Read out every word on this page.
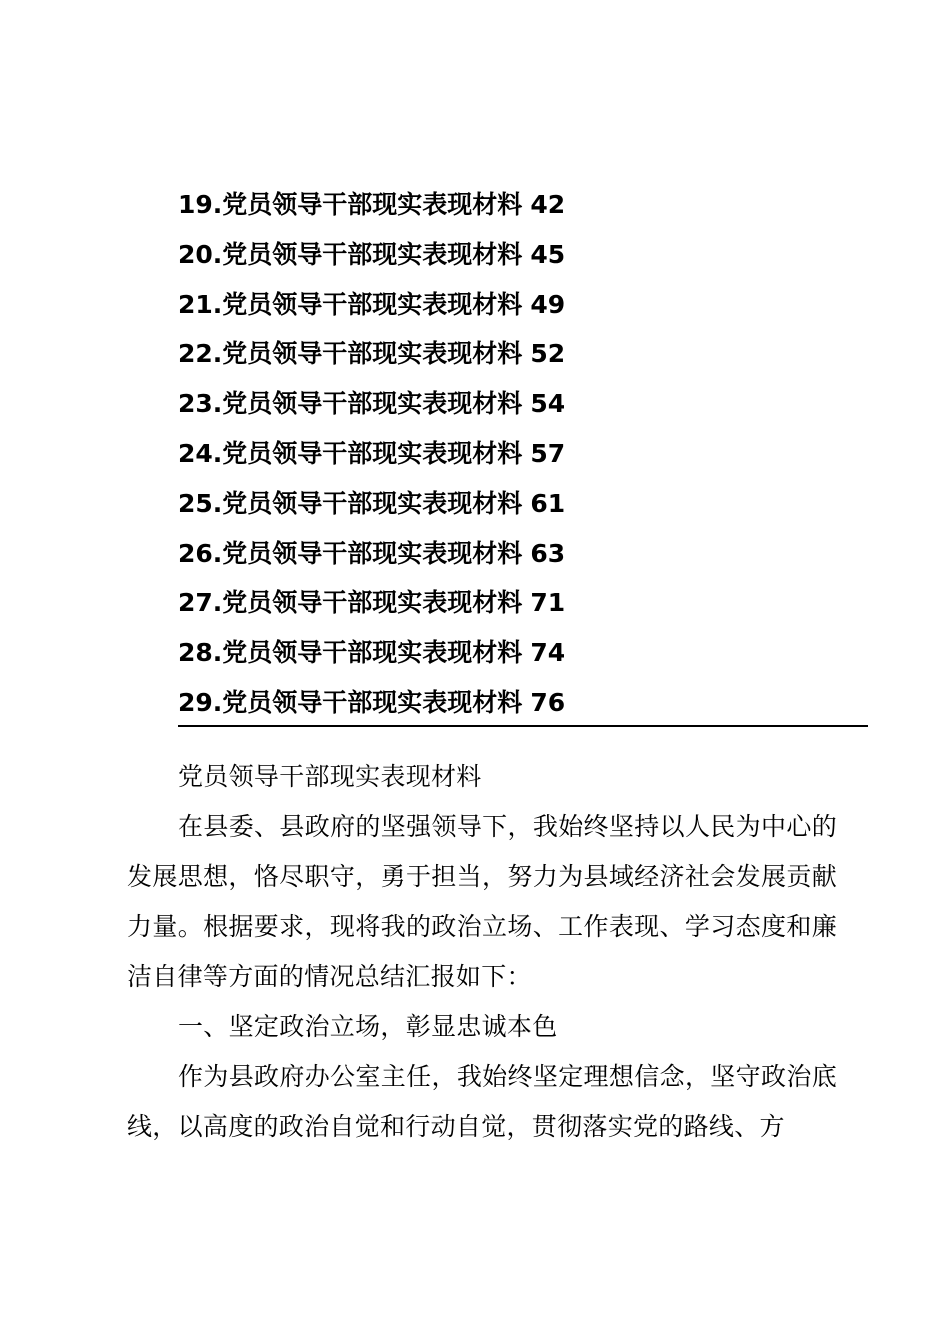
19.党员领导干部现实表现材料 42
20.党员领导干部现实表现材料 45
21.党员领导干部现实表现材料 49
22.党员领导干部现实表现材料 52
23.党员领导干部现实表现材料 54
24.党员领导干部现实表现材料 57
25.党员领导干部现实表现材料 61
26.党员领导干部现实表现材料 63
27.党员领导干部现实表现材料 71
28.党员领导干部现实表现材料 74
29.党员领导干部现实表现材料 76

党员领导干部现实表现材料

在县委、县政府的坚强领导下，我始终坚持以人民为中心的发展思想，恪尽职守，勇于担当，努力为县域经济社会发展贡献力量。根据要求，现将我的政治立场、工作表现、学习态度和廉洁自律等方面的情况总结汇报如下：

一、坚定政治立场，彰显忠诚本色

作为县政府办公室主任，我始终坚定理想信念，坚守政治底线，以高度的政治自觉和行动自觉，贯彻落实党的路线、方
